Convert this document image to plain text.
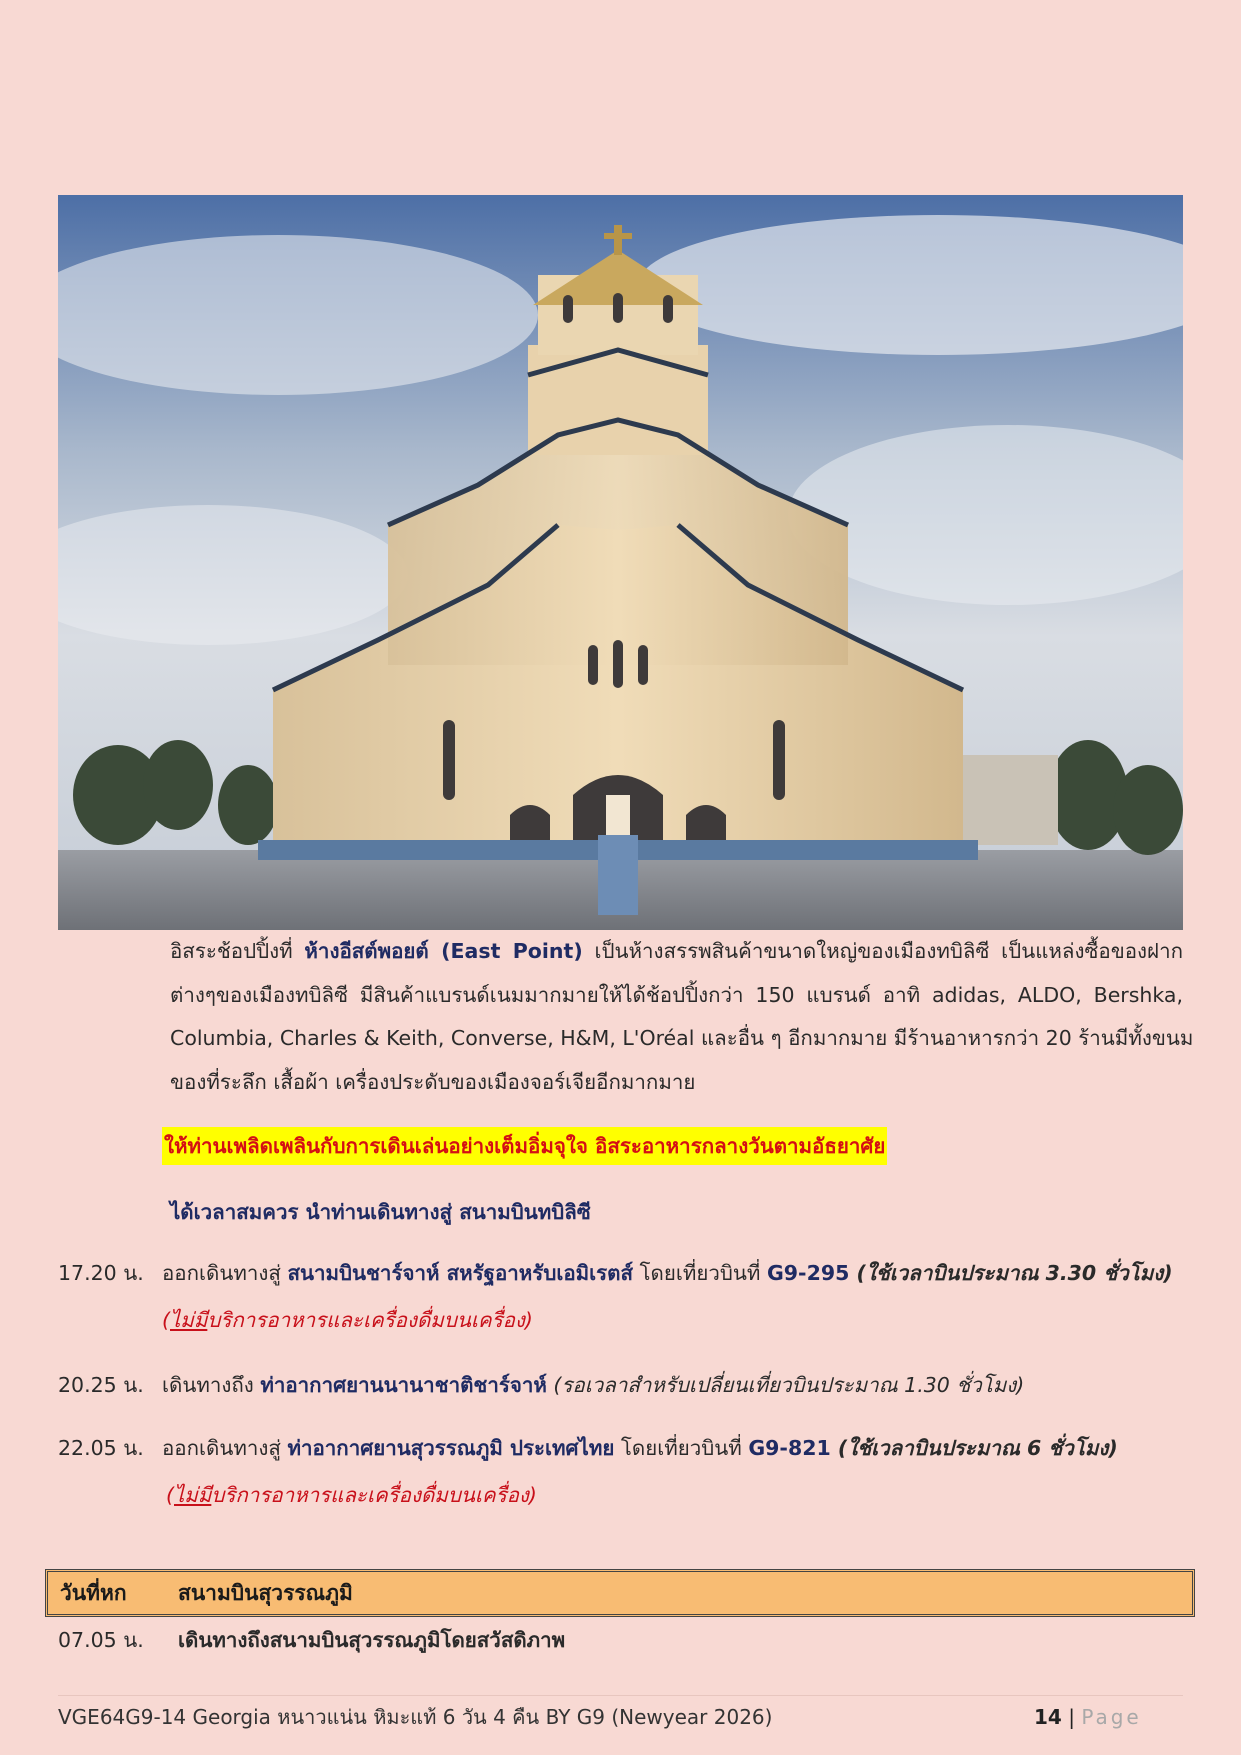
อิสระช้อปปิ้งที่ ห้างอีสต์พอยต์ (East Point) เป็นห้างสรรพสินค้าขนาดใหญ่ของเมืองทบิลิซี เป็นแหล่งซื้อของฝาก
ต่างๆของเมืองทบิลิซี มีสินค้าแบรนด์เนมมากมายให้ได้ช้อปปิ้งกว่า 150 แบรนด์ อาทิ adidas, ALDO, Bershka,
Columbia, Charles & Keith, Converse, H&M, L'Oréal และอื่น ๆ อีกมากมาย มีร้านอาหารกว่า 20 ร้านมีทั้งขนม
ของที่ระลึก เสื้อผ้า เครื่องประดับของเมืองจอร์เจียอีกมากมาย
ให้ท่านเพลิดเพลินกับการเดินเล่นอย่างเต็มอิ่มจุใจ อิสระอาหารกลางวันตามอัธยาศัย
ได้เวลาสมควร นำท่านเดินทางสู่ สนามบินทบิลิซี
17.20 น. ออกเดินทางสู่ สนามบินชาร์จาห์ สหรัฐอาหรับเอมิเรตส์ โดยเที่ยวบินที่ G9-295 (ใช้เวลาบินประมาณ 3.30 ชั่วโมง)
(ไม่มีบริการอาหารและเครื่องดื่มบนเครื่อง)
20.25 น. เดินทางถึง ท่าอากาศยานนานาชาติชาร์จาห์ (รอเวลาสำหรับเปลี่ยนเที่ยวบินประมาณ 1.30 ชั่วโมง)
22.05 น. ออกเดินทางสู่ ท่าอากาศยานสุวรรณภูมิ ประเทศไทย โดยเที่ยวบินที่ G9-821 (ใช้เวลาบินประมาณ 6 ชั่วโมง)
(ไม่มีบริการอาหารและเครื่องดื่มบนเครื่อง)
วันที่หก สนามบินสุวรรณภูมิ
07.05 น. เดินทางถึงสนามบินสุวรรณภูมิโดยสวัสดิภาพ
VGE64G9-14 Georgia หนาวแน่น หิมะแท้ 6 วัน 4 คืน BY G9 (Newyear 2026)	14 | Page
